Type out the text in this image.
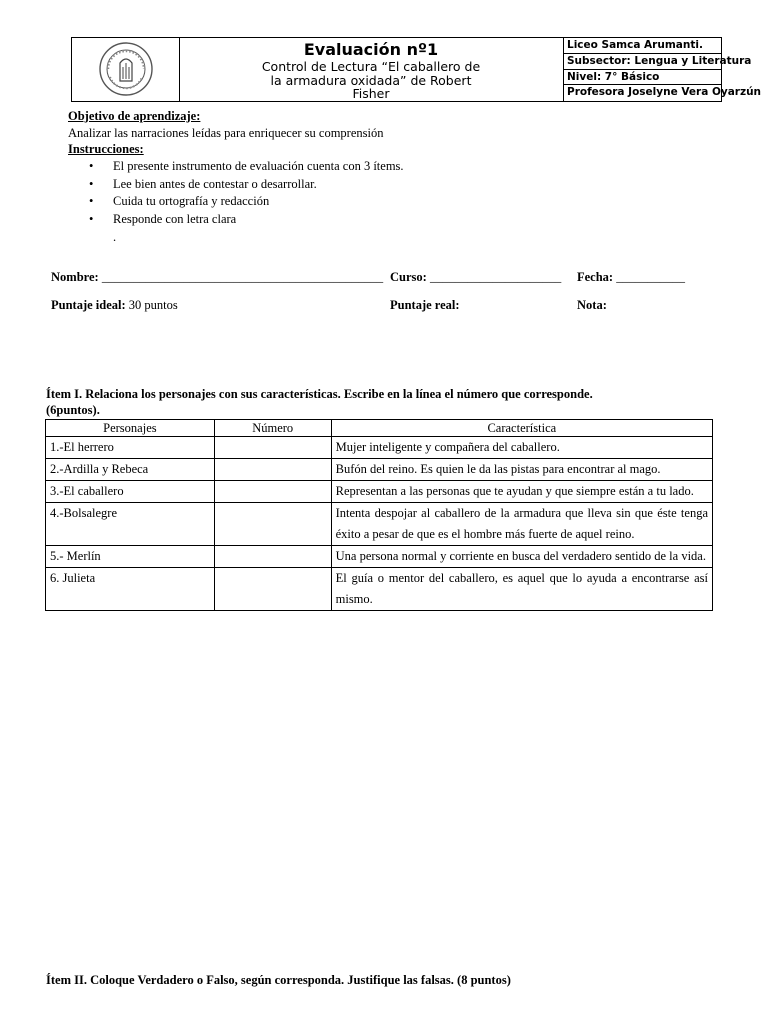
Evaluación nº1
Control de Lectura “El caballero de
la armadura oxidada” de Robert
Fisher
Liceo Samca Arumanti.
Subsector: Lengua y Literatura
Nivel: 7° Básico
Profesora Joselyne Vera Oyarzún
Objetivo de aprendizaje:
Analizar las narraciones leídas para enriquecer su comprensión
Instrucciones:
• El presente instrumento de evaluación cuenta con 3 ítems.
• Lee bien antes de contestar o desarrollar.
• Cuida tu ortografía y redacción
• Responde con letra clara
.
Nombre: _____________________________________________ Curso: _____________________ Fecha: ___________
Puntaje ideal: 30 puntos	Puntaje real:	Nota:
Ítem I. Relaciona los personajes con sus características. Escribe en la línea el número que corresponde.
(6puntos).
Personajes	Número	Característica
1.-El herrero		Mujer inteligente y compañera del caballero.
2.-Ardilla y Rebeca		Bufón del reino. Es quien le da las pistas para encontrar al mago.
3.-El caballero		Representan a las personas que te ayudan y que siempre están a tu lado.
4.-Bolsalegre		Intenta despojar al caballero de la armadura que lleva sin que éste tenga éxito a pesar de que es el hombre más fuerte de aquel reino.
5.- Merlín		Una persona normal y corriente en busca del verdadero sentido de la vida.
6. Julieta		El guía o mentor del caballero, es aquel que lo ayuda a encontrarse así mismo.
Ítem II. Coloque Verdadero o Falso, según corresponda. Justifique las falsas. (8 puntos)
